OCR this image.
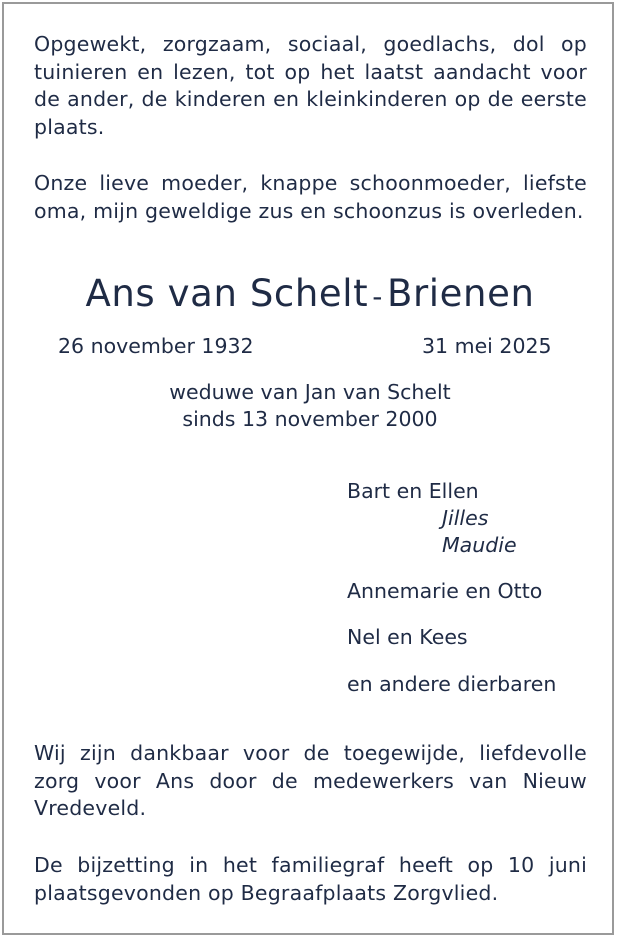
Opgewekt, zorgzaam, sociaal, goedlachs, dol op tuinieren en lezen, tot op het laatst aandacht voor de ander, de kinderen en kleinkinderen op de eerste plaats.
Onze lieve moeder, knappe schoonmoeder, liefste oma, mijn geweldige zus en schoonzus is overleden.
Ans van Schelt - Brienen
26 november 1932	31 mei 2025
weduwe van Jan van Schelt
sinds 13 november 2000
Bart en Ellen
Jilles
Maudie
Annemarie en Otto
Nel en Kees
en andere dierbaren
Wij zijn dankbaar voor de toegewijde, liefdevolle zorg voor Ans door de medewerkers van Nieuw Vredeveld.
De bijzetting in het familiegraf heeft op 10 juni plaatsgevonden op Begraafplaats Zorgvlied.
